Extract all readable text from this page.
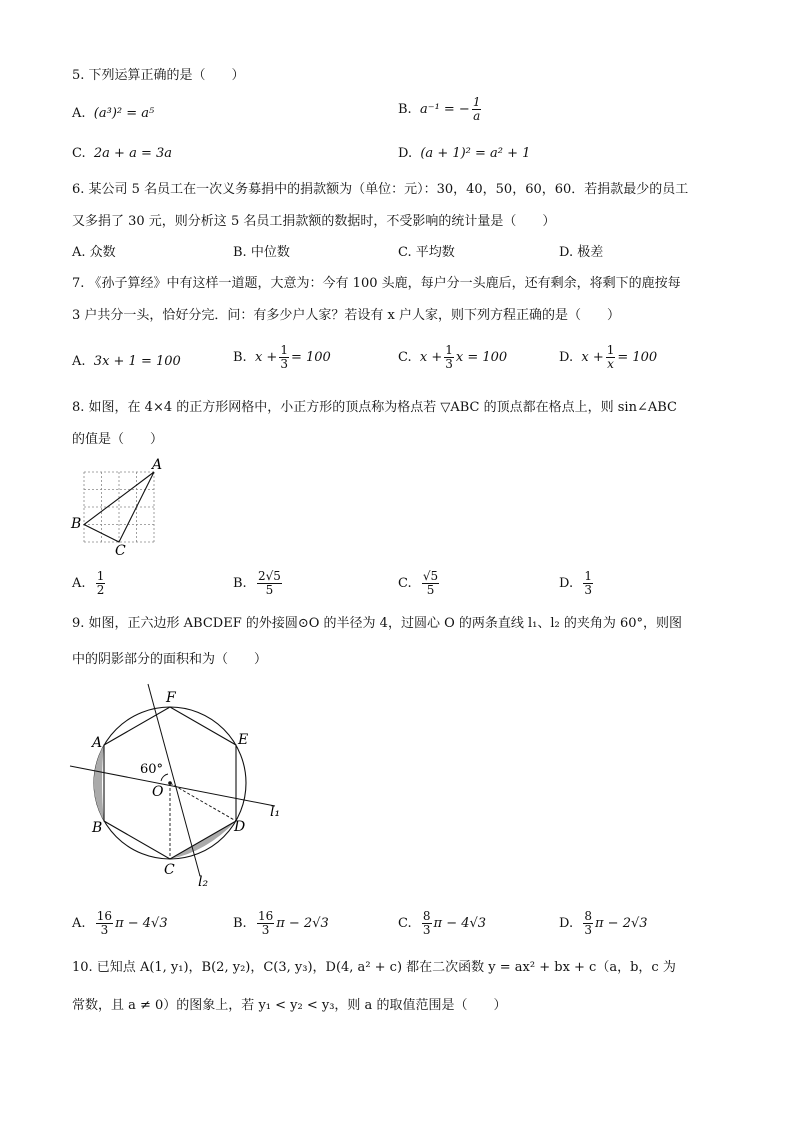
5. 下列运算正确的是（　　）
A. (a³)² = a⁵	B. a⁻¹ = − $\frac{1}{a}$
C. 2a + a = 3a	D. (a + 1)² = a² + 1
6. 某公司 5 名员工在一次义务募捐中的捐款额为（单位：元）：30，40，50，60，60．若捐款最少的员工
又多捐了 30 元，则分析这 5 名员工捐款额的数据时，不受影响的统计量是（　　）
A. 众数	B. 中位数	C. 平均数	D. 极差
7. 《孙子算经》中有这样一道题，大意为：今有 100 头鹿，每户分一头鹿后，还有剩余，将剩下的鹿按每
3 户共分一头，恰好分完．问：有多少户人家？若设有 x 户人家，则下列方程正确的是（　　）
A. 3x + 1 = 100	B. $x + \frac{1}{3} = 100$	C. $x + \frac{1}{3}$ x = 100	D. $x + \frac{1}{x} = 100$
8. 如图，在 4×4 的正方形网格中，小正方形的顶点称为格点若 ▽ABC 的顶点都在格点上，则 sin∠ABC
的值是（　　）
A
B
C
A. $\frac{1}{2}$	B. $\frac{2√5}{5}$	C. $\frac{√5}{5}$	D. $\frac{1}{3}$
9. 如图，正六边形 ABCDEF 的外接圆⊙O 的半径为 4，过圆心 O 的两条直线 l₁、l₂ 的夹角为 60°，则图
中的阴影部分的面积和为（　　）
A
B
C
D
E
F
O
60°
l₁
l₂
A. $\frac{16}{3}$ π − 4√3	B. $\frac{16}{3}$ π − 2√3	C. $\frac{8}{3}$ π − 4√3	D. $\frac{8}{3}$ π − 2√3
10. 已知点 A(1, y₁)，B(2, y₂)，C(3, y₃)，D(4, a² + c) 都在二次函数 y = ax² + bx + c（a，b，c 为
常数，且 a ≠ 0）的图象上，若 y₁ < y₂ < y₃，则 a 的取值范围是（　　）
